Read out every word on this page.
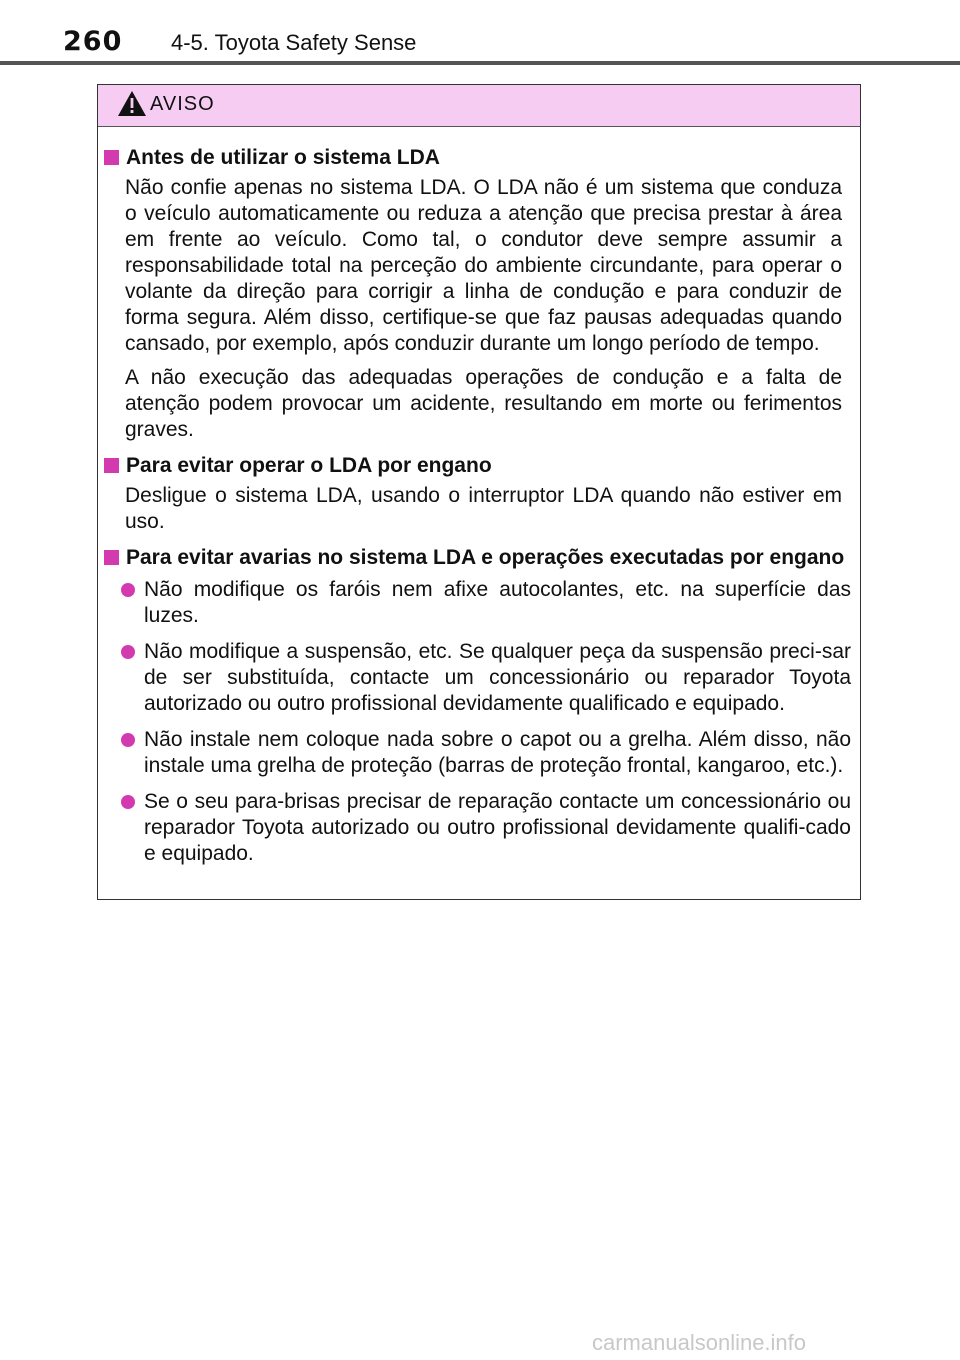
260 4-5. Toyota Safety Sense
AVISO
Antes de utilizar o sistema LDA

Não confie apenas no sistema LDA. O LDA não é um sistema que conduza o veículo automaticamente ou reduza a atenção que precisa prestar à área em frente ao veículo. Como tal, o condutor deve sempre assumir a responsabilidade total na perceção do ambiente circundante, para operar o volante da direção para corrigir a linha de condução e para conduzir de forma segura. Além disso, certifique-se que faz pausas adequadas quando cansado, por exemplo, após conduzir durante um longo período de tempo.

A não execução das adequadas operações de condução e a falta de atenção podem provocar um acidente, resultando em morte ou ferimentos graves.

Para evitar operar o LDA por engano

Desligue o sistema LDA, usando o interruptor LDA quando não estiver em uso.

Para evitar avarias no sistema LDA e operações executadas por engano
Não modifique os faróis nem afixe autocolantes, etc. na superfície das luzes.
Não modifique a suspensão, etc. Se qualquer peça da suspensão preci-sar de ser substituída, contacte um concessionário ou reparador Toyota autorizado ou outro profissional devidamente qualificado e equipado.
Não instale nem coloque nada sobre o capot ou a grelha. Além disso, não instale uma grelha de proteção (barras de proteção frontal, kangaroo, etc.).
Se o seu para-brisas precisar de reparação contacte um concessionário ou reparador Toyota autorizado ou outro profissional devidamente qualifi-cado e equipado.
carmanualsonline.info
